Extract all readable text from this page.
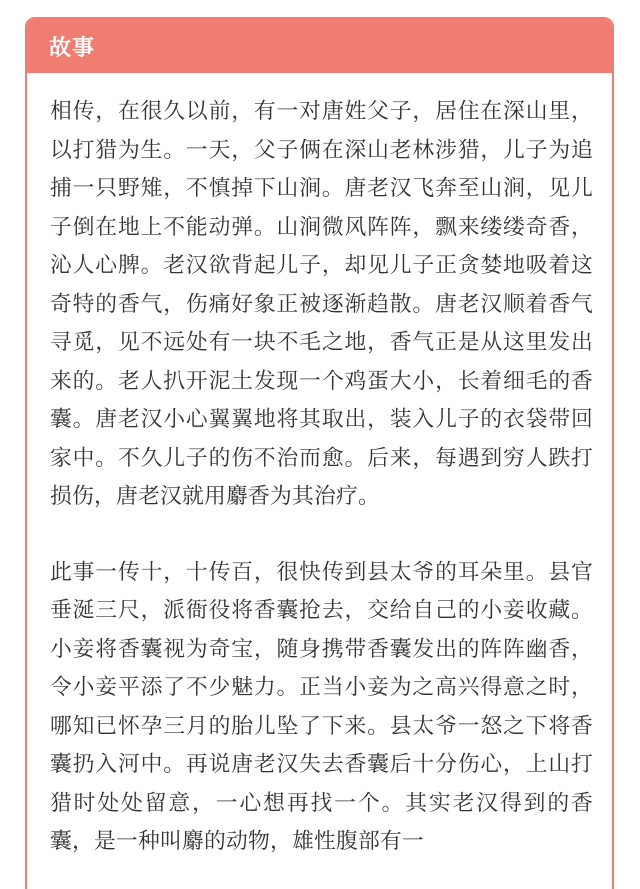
故事

相传，在很久以前，有一对唐姓父子，居住在深山里，以打猎为生。一天，父子俩在深山老林涉猎，儿子为追捕一只野雉，不慎掉下山涧。唐老汉飞奔至山涧，见儿子倒在地上不能动弹。山涧微风阵阵，飘来缕缕奇香，沁人心脾。老汉欲背起儿子，却见儿子正贪婪地吸着这奇特的香气，伤痛好象正被逐渐趋散。唐老汉顺着香气寻觅，见不远处有一块不毛之地，香气正是从这里发出来的。老人扒开泥土发现一个鸡蛋大小，长着细毛的香囊。唐老汉小心翼翼地将其取出，装入儿子的衣袋带回家中。不久儿子的伤不治而愈。后来，每遇到穷人跌打损伤，唐老汉就用麝香为其治疗。

此事一传十，十传百，很快传到县太爷的耳朵里。县官垂涎三尺，派衙役将香囊抢去，交给自己的小妾收藏。小妾将香囊视为奇宝，随身携带香囊发出的阵阵幽香，令小妾平添了不少魅力。正当小妾为之高兴得意之时，哪知已怀孕三月的胎儿坠了下来。县太爷一怒之下将香囊扔入河中。再说唐老汉失去香囊后十分伤心，上山打猎时处处留意，一心想再找一个。其实老汉得到的香囊，是一种叫麝的动物，雄性腹部有一
